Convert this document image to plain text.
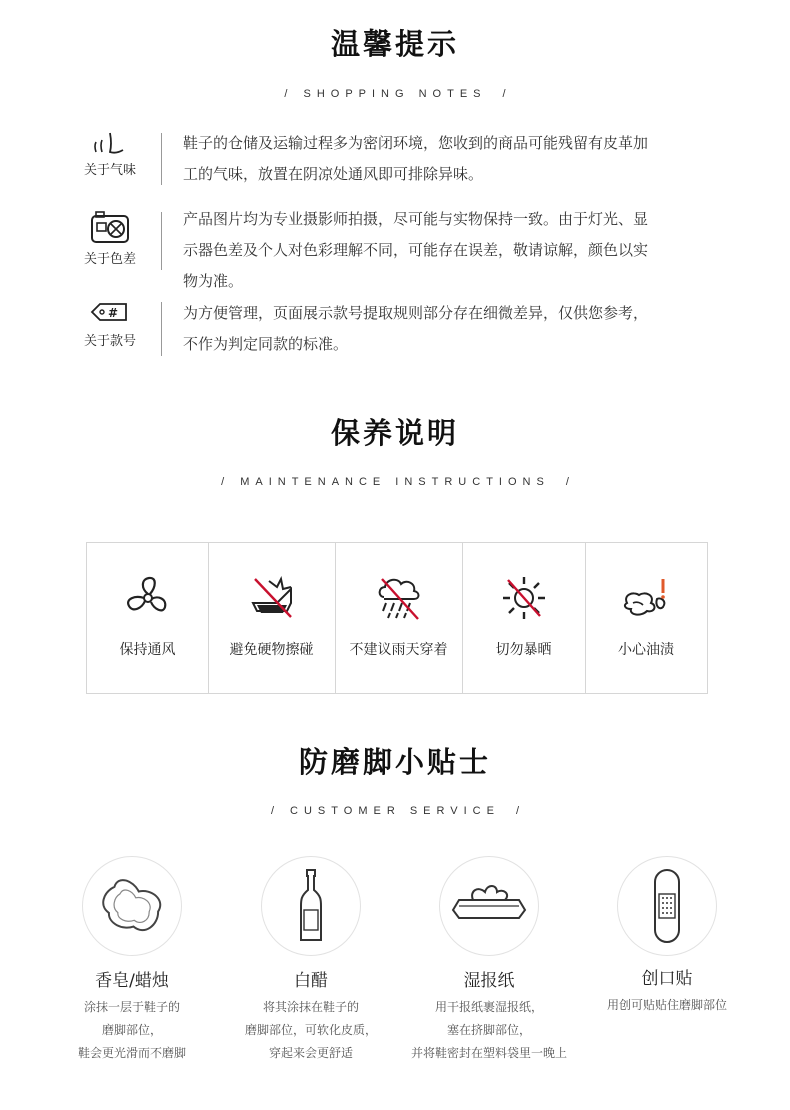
温馨提示
/ SHOPPING NOTES /
关于气味
鞋子的仓储及运输过程多为密闭环境，您收到的商品可能残留有皮革加
工的气味，放置在阴凉处通风即可排除异味。
关于色差
产品图片均为专业摄影师拍摄，尽可能与实物保持一致。由于灯光、显
示器色差及个人对色彩理解不同，可能存在误差，敬请谅解，颜色以实
物为准。
#
关于款号
为方便管理，页面展示款号提取规则部分存在细微差异，仅供您参考，
不作为判定同款的标准。
保养说明
/ MAINTENANCE INSTRUCTIONS /
保持通风	避免硬物擦碰	不建议雨天穿着	切勿暴晒	小心油渍
防磨脚小贴士
/ CUSTOMER SERVICE /
香皂/蜡烛
涂抹一层于鞋子的
磨脚部位，
鞋会更光滑而不磨脚
白醋
将其涂抹在鞋子的
磨脚部位，可软化皮质，
穿起来会更舒适
湿报纸
用干报纸裹湿报纸，
塞在挤脚部位，
并将鞋密封在塑料袋里一晚上
创口贴
用创可贴贴住磨脚部位
